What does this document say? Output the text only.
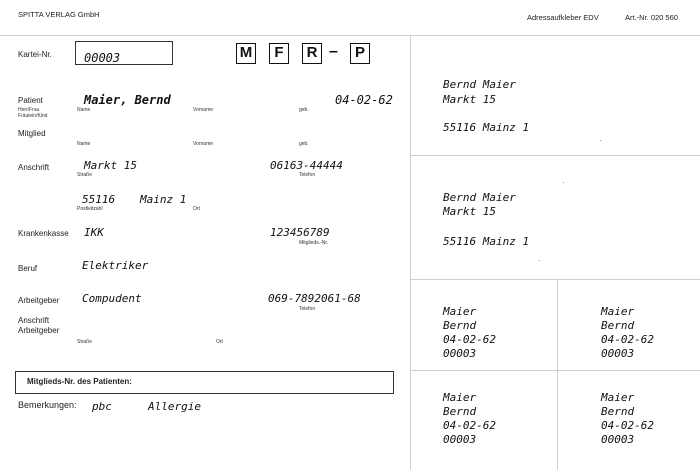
SPITTA VERLAG GmbH	Adressaufkleber EDV	Art.-Nr. 020 560
Kartei-Nr.	00003	M	F	R –	P
Patient
Herr/Frau
Fräulein/Kind
Maier, Bernd	04-02-62
Name	Vorname	geb.
Mitglied
Name	Vorname	geb.
Anschrift	Markt 15	06163-44444
Straße	Telefon
55116 Mainz 1
Postleitzahl	Ort
Krankenkasse IKK	123456789
Mitglieds.-Nr.
Beruf	Elektriker
Arbeitgeber Compudent	069-7892061-68
Telefon
Anschrift
Arbeitgeber
Straße	Ort
Mitglieds-Nr. des Patienten:
Bemerkungen: pbc	Allergie
Bernd Maier
Markt 15
55116 Mainz 1
Bernd Maier
Markt 15
55116 Mainz 1
Maier
Bernd
04-02-62
00003
Maier
Bernd
04-02-62
00003
Maier
Bernd
04-02-62
00003
Maier
Bernd
04-02-62
00003
